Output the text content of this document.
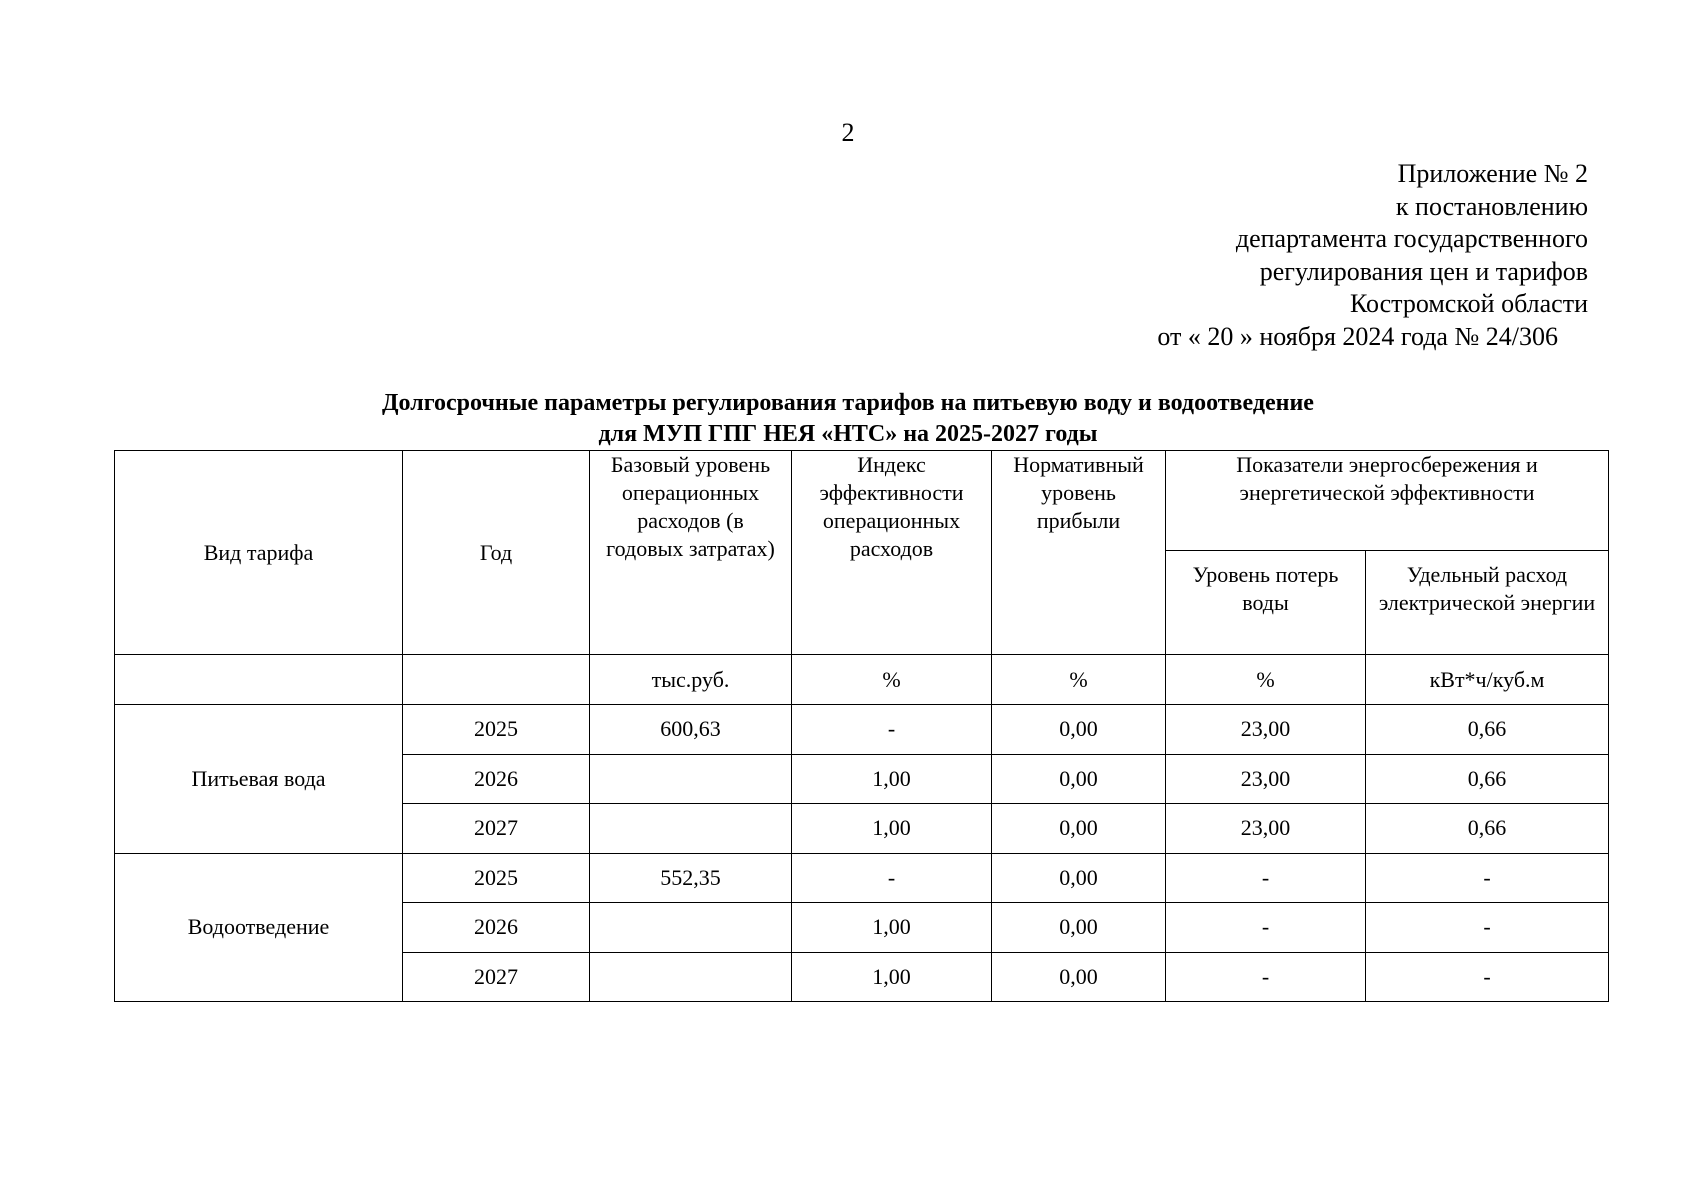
2
Приложение № 2
к постановлению
департамента государственного
регулирования цен и тарифов
Костромской области
от « 20 » ноября 2024 года № 24/306
Долгосрочные параметры регулирования тарифов на питьевую воду и водоотведение
для МУП ГПГ НЕЯ «НТС» на 2025-2027 годы
Вид тарифа	Год	Базовый уровень операционных расходов (в годовых затратах)	Индекс эффективности операционных расходов	Нормативный уровень прибыли	Показатели энергосбережения и энергетической эффективности	
					Уровень потерь воды	Удельный расход электрической энергии
		тыс.руб.	%	%	%	кВт*ч/куб.м
Питьевая вода	2025	600,63	-	0,00	23,00	0,66
	2026		1,00	0,00	23,00	0,66
	2027		1,00	0,00	23,00	0,66
Водоотведение	2025	552,35	-	0,00	-	-
	2026		1,00	0,00	-	-
	2027		1,00	0,00	-	-
